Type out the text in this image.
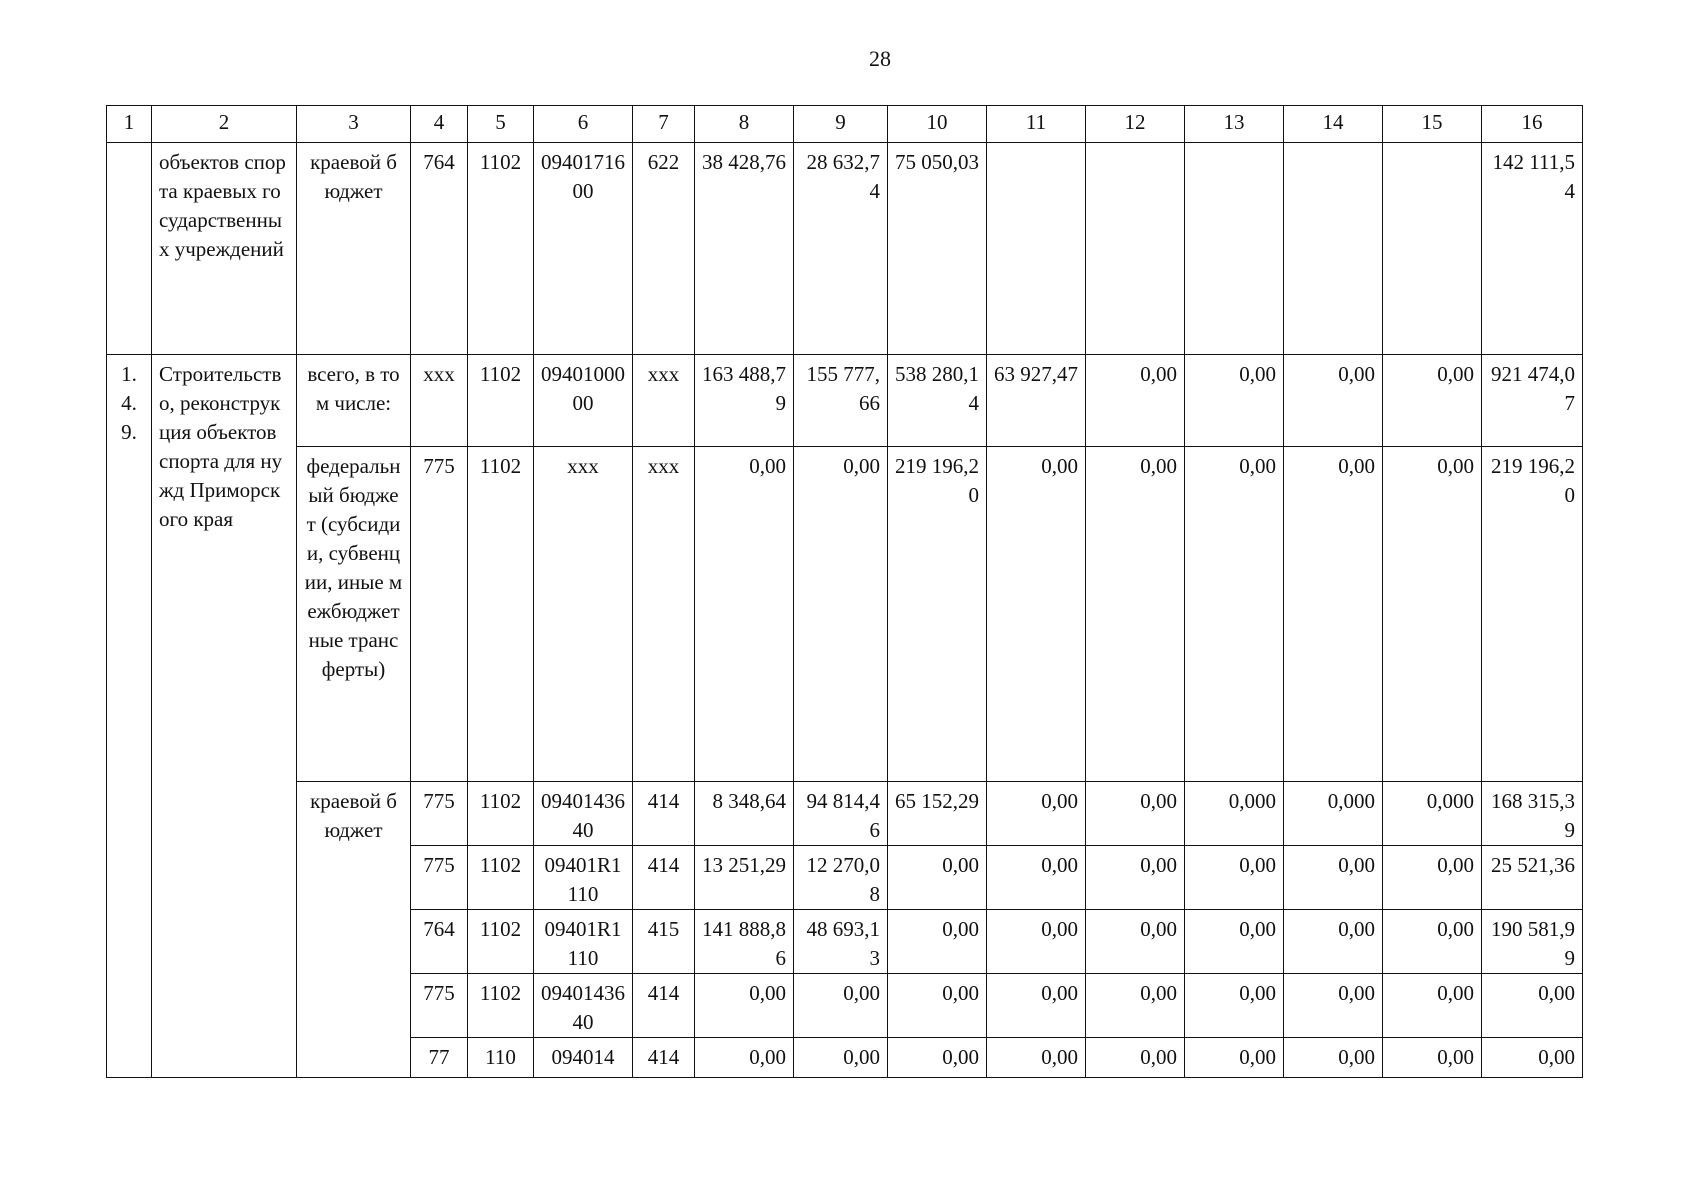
28
1	2	3	4	5	6	7	8	9	10	11	12	13	14	15	16
	объектов спорта краевых государственных учреждений	краевой бюджет	764	1102	0940171600	622	38 428,76	28 632,74	75 050,03						142 111,54
1.4.9.	Строительство, реконструкция объектов спорта для нужд Приморского края	всего, в том числе:	ххх	1102	0940100000	ххх	163 488,79	155 777,66	538 280,14	63 927,47	0,00	0,00	0,00	0,00	921 474,07
		федеральный бюджет (субсидии, субвенции, иные межбюджетные трансферты)	775	1102	ххх	ххх	0,00	0,00	219 196,20	0,00	0,00	0,00	0,00	0,00	219 196,20
		краевой бюджет	775	1102	0940143640	414	8 348,64	94 814,46	65 152,29	0,00	0,00	0,000	0,000	0,000	168 315,39
			775	1102	09401R1110	414	13 251,29	12 270,08	0,00	0,00	0,00	0,00	0,00	0,00	25 521,36
			764	1102	09401R1110	415	141 888,86	48 693,13	0,00	0,00	0,00	0,00	0,00	0,00	190 581,99
			775	1102	0940143640	414	0,00	0,00	0,00	0,00	0,00	0,00	0,00	0,00	0,00
			77	110	094014	414	0,00	0,00	0,00	0,00	0,00	0,00	0,00	0,00	0,00
